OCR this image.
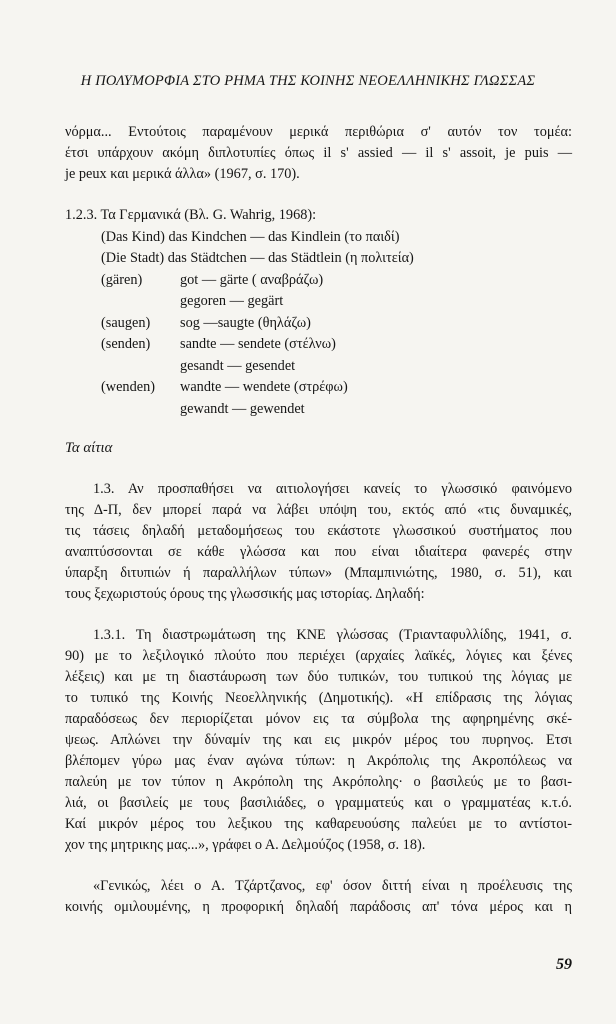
Η ΠΟΛΥΜΟΡΦΙΑ ΣΤΟ ΡΗΜΑ ΤΗΣ ΚΟΙΝΗΣ ΝΕΟΕΛΛΗΝΙΚΗΣ ΓΛΩΣΣΑΣ

νόρμα... Εντούτοις παραμένουν μερικά περιθώρια σ' αυτόν τον τομέα:
έτσι υπάρχουν ακόμη διπλοτυπίες όπως il s' assied — il s' assoit, je puis —
je peux και μερικά άλλα» (1967, σ. 170).

1.2.3. Τα Γερμανικά (Βλ. G. Wahrig, 1968):
(Das Kind) das Kindchen — das Kindlein (το παιδί)
(Die Stadt) das Städtchen — das Städtlein (η πολιτεία)
(gären)	got — gärte ( αναβράζω)
gegoren — gegärt
(saugen)	sog —saugte (θηλάζω)
(senden)	sandte — sendete (στέλνω)
gesandt — gesendet
(wenden)	wandte — wendete (στρέφω)
gewandt — gewendet
Τα αίτια

1.3. Αν προσπαθήσει να αιτιολογήσει κανείς το γλωσσικό φαινόμενο
της Δ-Π, δεν μπορεί παρά να λάβει υπόψη του, εκτός από «τις δυναμικές,
τις τάσεις δηλαδή μεταδομήσεως του εκάστοτε γλωσσικού συστήματος που
αναπτύσσονται σε κάθε γλώσσα και που είναι ιδιαίτερα φανερές στην
ύπαρξη διτυπιών ή παραλλήλων τύπων» (Μπαμπινιώτης, 1980, σ. 51), και
τους ξεχωριστούς όρους της γλωσσικής μας ιστορίας. Δηλαδή:

1.3.1. Τη διαστρωμάτωση της ΚΝΕ γλώσσας (Τριανταφυλλίδης, 1941, σ.
90) με το λεξιλογικό πλούτο που περιέχει (αρχαίες λαϊκές, λόγιες και ξένες
λέξεις) και με τη διαστάυρωση των δύο τυπικών, του τυπικού της λόγιας με
το τυπικό της Κοινής Νεοελληνικής (Δημοτικής). «Η επίδρασις της λόγιας
παραδόσεως δεν περιορίζεται μόνον εις τα σύμβολα της αφηρημένης σκέ-
ψεως. Απλώνει την δύναμίν της και εις μικρόν μέρος του πυρηνος. Ετσι
βλέπομεν γύρω μας έναν αγώνα τύπων: η Ακρόπολις της Ακροπόλεως να
παλεύη με τον τύπον η Ακρόπολη της Ακρόπολης· ο βασιλεύς με το βασι-
λιά, οι βασιλείς με τους βασιλιάδες, ο γραμματεύς και ο γραμματέας κ.τ.ό.
Καί μικρόν μέρος του λεξικου της καθαρευούσης παλεύει με το αντίστοι-
χον της μητρικης μας...», γράφει ο Α. Δελμούζος (1958, σ. 18).

«Γενικώς, λέει ο Α. Τζάρτζανος, εφ' όσον διττή είναι η προέλευσις της
κοινής ομιλουμένης, η προφορική δηλαδή παράδοσις απ' τόνα μέρος και η

59
